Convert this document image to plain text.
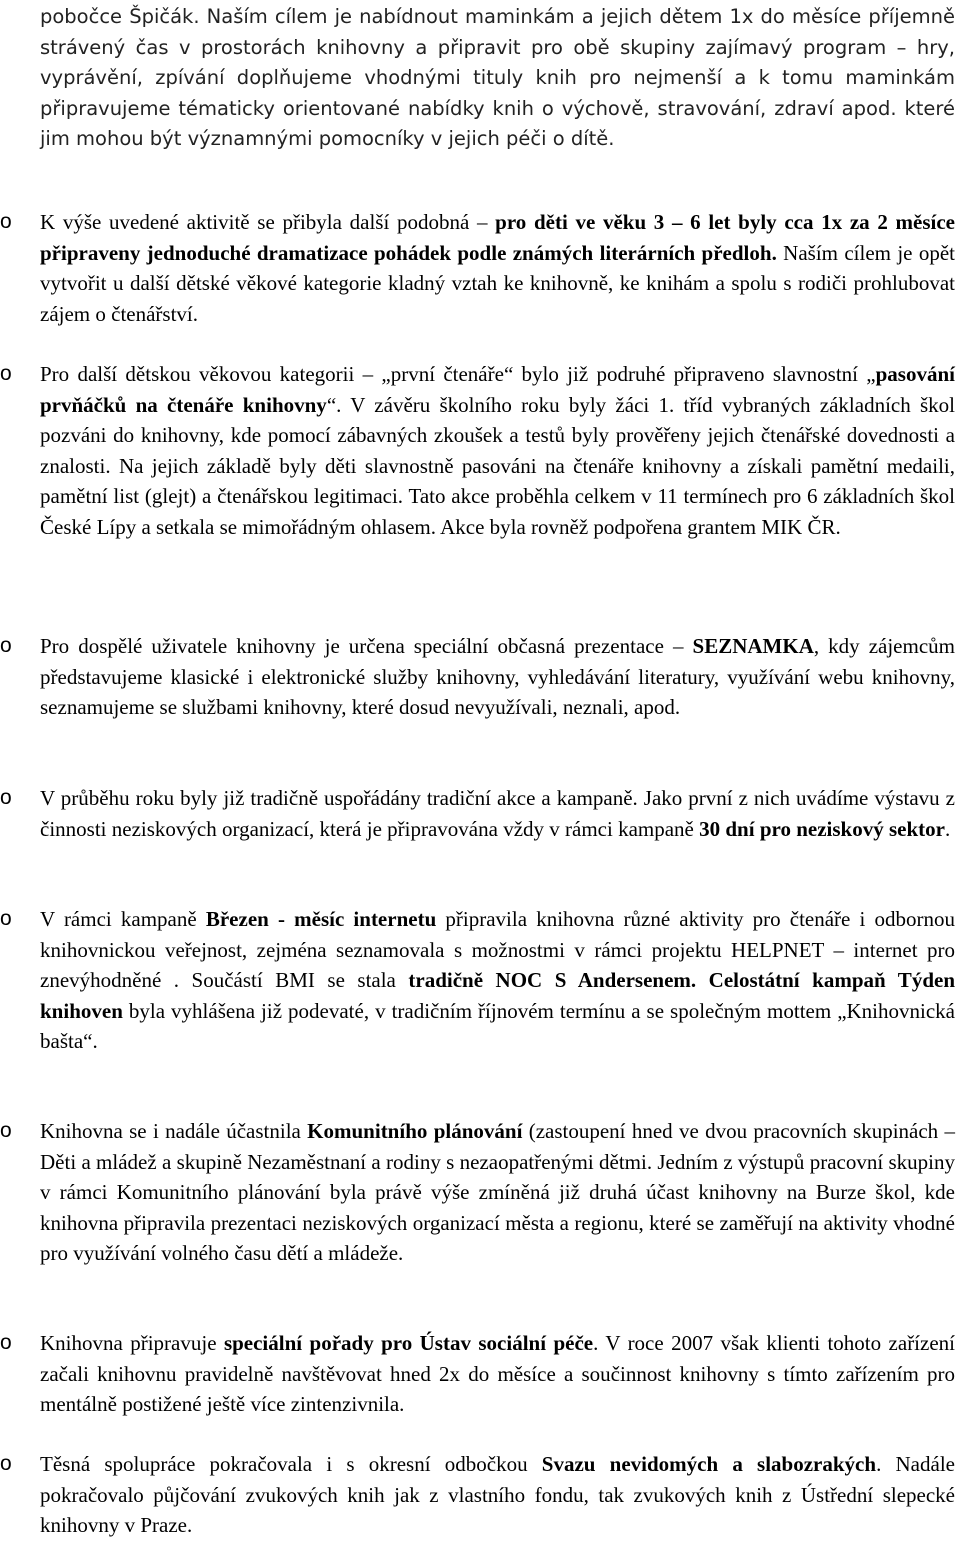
pobočce Špičák. Naším cílem je nabídnout maminkám a jejich dětem 1x do měsíce příjemně strávený čas v prostorách knihovny a připravit pro obě skupiny zajímavý program – hry, vyprávění, zpívání doplňujeme vhodnými tituly knih pro nejmenší a k tomu maminkám připravujeme tématicky orientované nabídky knih o výchově, stravování, zdraví apod. které jim mohou být významnými pomocníky v jejich péči o dítě.

o K výše uvedené aktivitě se přibyla další podobná – pro děti ve věku 3 – 6 let byly cca 1x za 2 měsíce připraveny jednoduché dramatizace pohádek podle známých literárních předloh. Naším cílem je opět vytvořit u další dětské věkové kategorie kladný vztah ke knihovně, ke knihám a spolu s rodiči prohlubovat zájem o čtenářství.

o Pro další dětskou věkovou kategorii – „první čtenáře“ bylo již podruhé připraveno slavnostní „pasování prvňáčků na čtenáře knihovny“. V závěru školního roku byly žáci 1. tříd vybraných základních škol pozváni do knihovny, kde pomocí zábavných zkoušek a testů byly prověřeny jejich čtenářské dovednosti a znalosti. Na jejich základě byly děti slavnostně pasováni na čtenáře knihovny a získali pamětní medaili, pamětní list (glejt) a čtenářskou legitimaci. Tato akce proběhla celkem v 11 termínech pro 6 základních škol České Lípy a setkala se mimořádným ohlasem. Akce byla rovněž podpořena grantem MIK ČR.

o Pro dospělé uživatele knihovny je určena speciální občasná prezentace – SEZNAMKA, kdy zájemcům představujeme klasické i elektronické služby knihovny, vyhledávání literatury, využívání webu knihovny, seznamujeme se službami knihovny, které dosud nevyužívali, neznali, apod.

o V průběhu roku byly již tradičně uspořádány tradiční akce a kampaně. Jako první z nich uvádíme výstavu z činnosti neziskových organizací, která je připravována vždy v rámci kampaně 30 dní pro neziskový sektor.

o V rámci kampaně Březen - měsíc internetu připravila knihovna různé aktivity pro čtenáře i odbornou knihovnickou veřejnost, zejména seznamovala s možnostmi v rámci projektu HELPNET – internet pro znevýhodněné . Součástí BMI se stala tradičně NOC S Andersenem. Celostátní kampaň Týden knihoven byla vyhlášena již podevaté, v tradičním říjnovém termínu a se společným mottem „Knihovnická bašta“.

o Knihovna se i nadále účastnila Komunitního plánování (zastoupení hned ve dvou pracovních skupinách – Děti a mládež a skupině Nezaměstnaní a rodiny s nezaopatřenými dětmi. Jedním z výstupů pracovní skupiny v rámci Komunitního plánování byla právě výše zmíněná již druhá účast knihovny na Burze škol, kde knihovna připravila prezentaci neziskových organizací města a regionu, které se zaměřují na aktivity vhodné pro využívání volného času dětí a mládeže.

o Knihovna připravuje speciální pořady pro Ústav sociální péče. V roce 2007 však klienti tohoto zařízení začali knihovnu pravidelně navštěvovat hned 2x do měsíce a součinnost knihovny s tímto zařízením pro mentálně postižené ještě více zintenzivnila.

o Těsná spolupráce pokračovala i s okresní odbočkou Svazu nevidomých a slabozrakých. Nadále pokračovalo půjčování zvukových knih jak z vlastního fondu, tak zvukových knih z Ústřední slepecké knihovny v Praze.
